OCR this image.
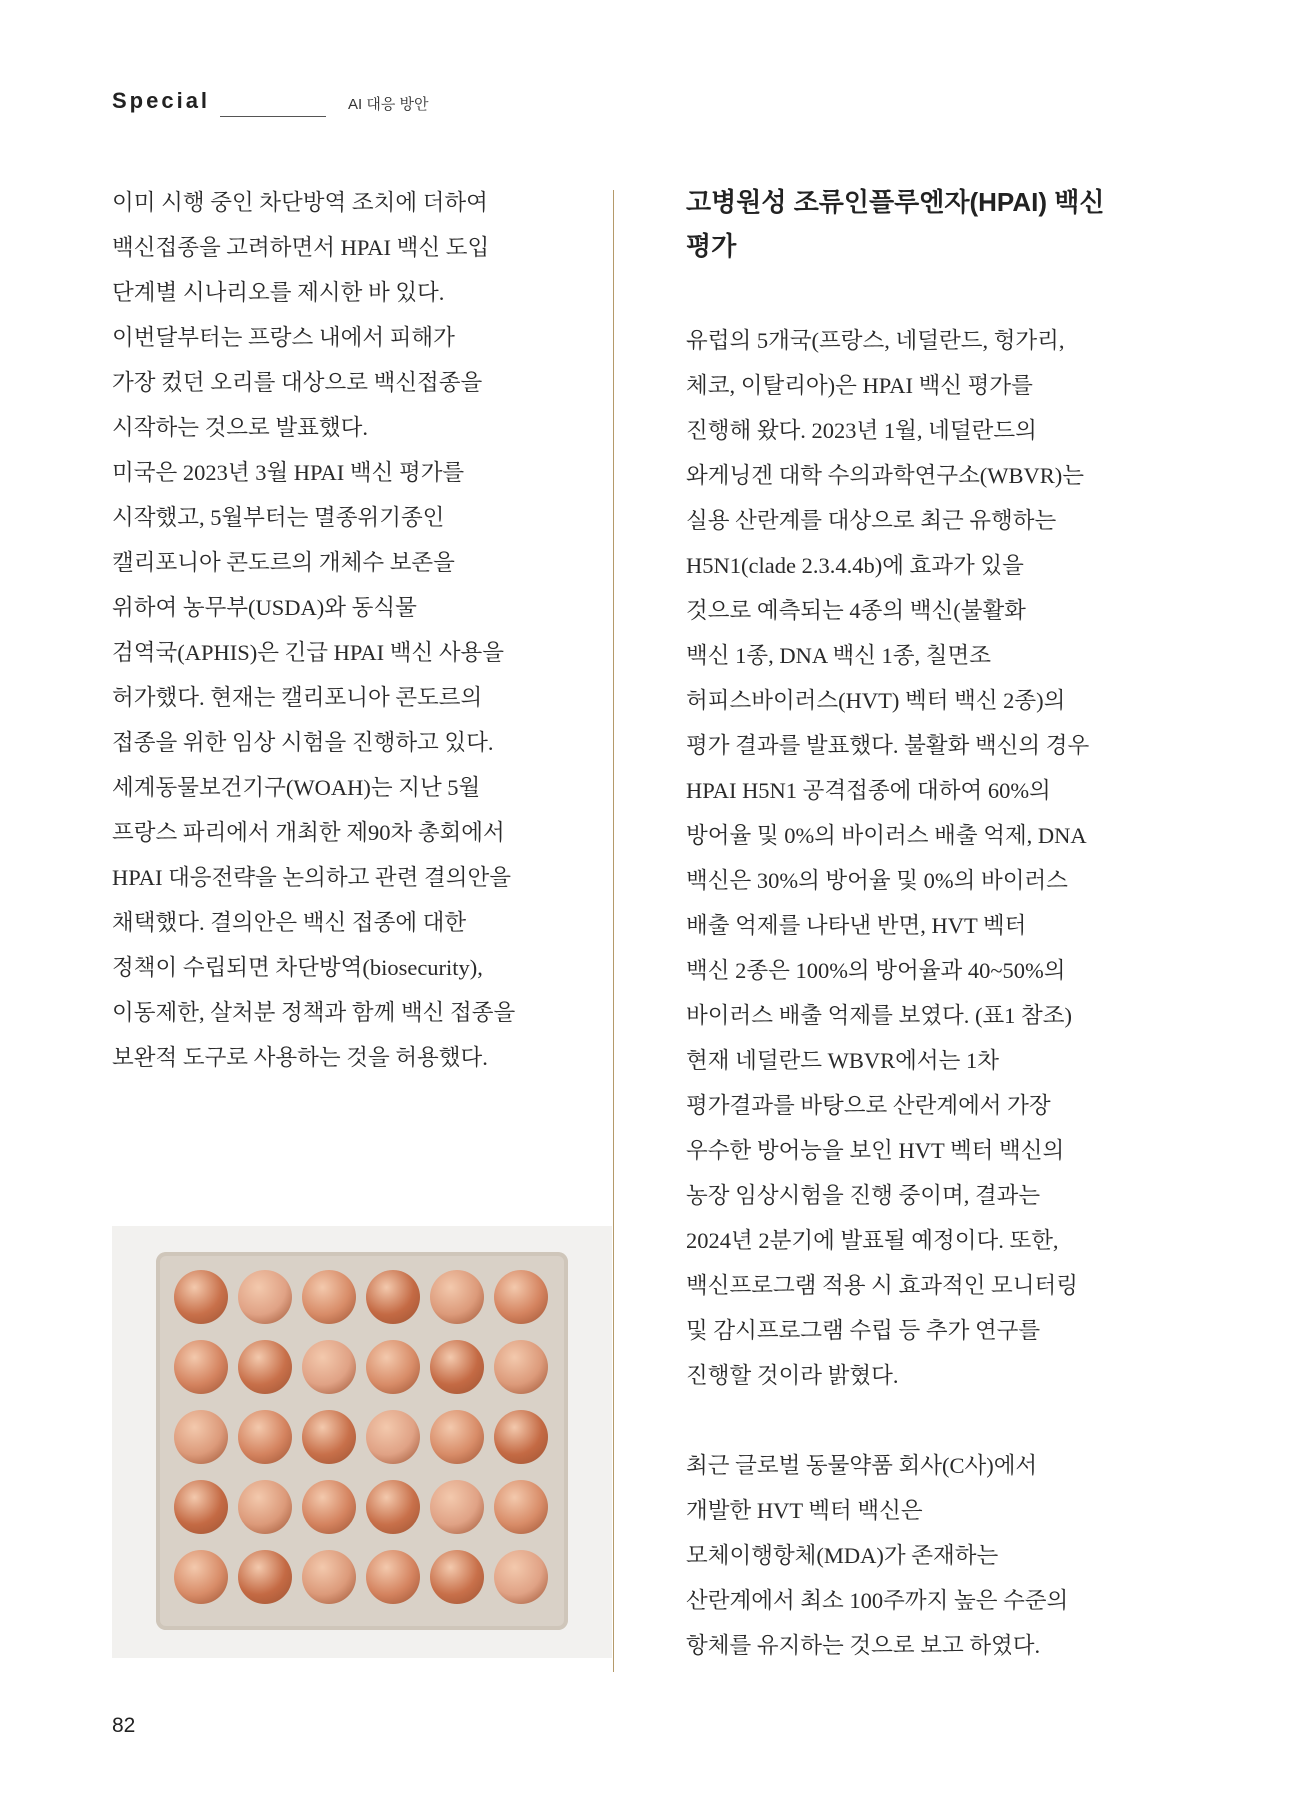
Special	AI 대응 방안

이미 시행 중인 차단방역 조치에 더하여
백신접종을 고려하면서 HPAI 백신 도입
단계별 시나리오를 제시한 바 있다.
이번달부터는 프랑스 내에서 피해가
가장 컸던 오리를 대상으로 백신접종을
시작하는 것으로 발표했다.
미국은 2023년 3월 HPAI 백신 평가를
시작했고, 5월부터는 멸종위기종인
캘리포니아 콘도르의 개체수 보존을
위하여 농무부(USDA)와 동식물
검역국(APHIS)은 긴급 HPAI 백신 사용을
허가했다. 현재는 캘리포니아 콘도르의
접종을 위한 임상 시험을 진행하고 있다.
세계동물보건기구(WOAH)는 지난 5월
프랑스 파리에서 개최한 제90차 총회에서
HPAI 대응전략을 논의하고 관련 결의안을
채택했다. 결의안은 백신 접종에 대한
정책이 수립되면 차단방역(biosecurity),
이동제한, 살처분 정책과 함께 백신 접종을
보완적 도구로 사용하는 것을 허용했다.

고병원성 조류인플루엔자(HPAI) 백신
평가

유럽의 5개국(프랑스, 네덜란드, 헝가리,
체코, 이탈리아)은 HPAI 백신 평가를
진행해 왔다. 2023년 1월, 네덜란드의
와게닝겐 대학 수의과학연구소(WBVR)는
실용 산란계를 대상으로 최근 유행하는
H5N1(clade 2.3.4.4b)에 효과가 있을
것으로 예측되는 4종의 백신(불활화
백신 1종, DNA 백신 1종, 칠면조
허피스바이러스(HVT) 벡터 백신 2종)의
평가 결과를 발표했다. 불활화 백신의 경우
HPAI H5N1 공격접종에 대하여 60%의
방어율 및 0%의 바이러스 배출 억제, DNA
백신은 30%의 방어율 및 0%의 바이러스
배출 억제를 나타낸 반면, HVT 벡터
백신 2종은 100%의 방어율과 40~50%의
바이러스 배출 억제를 보였다. (표1 참조)
현재 네덜란드 WBVR에서는 1차
평가결과를 바탕으로 산란계에서 가장
우수한 방어능을 보인 HVT 벡터 백신의
농장 임상시험을 진행 중이며, 결과는
2024년 2분기에 발표될 예정이다. 또한,
백신프로그램 적용 시 효과적인 모니터링
및 감시프로그램 수립 등 추가 연구를
진행할 것이라 밝혔다.

최근 글로벌 동물약품 회사(C사)에서
개발한 HVT 벡터 백신은
모체이행항체(MDA)가 존재하는
산란계에서 최소 100주까지 높은 수준의
항체를 유지하는 것으로 보고 하였다.

82
